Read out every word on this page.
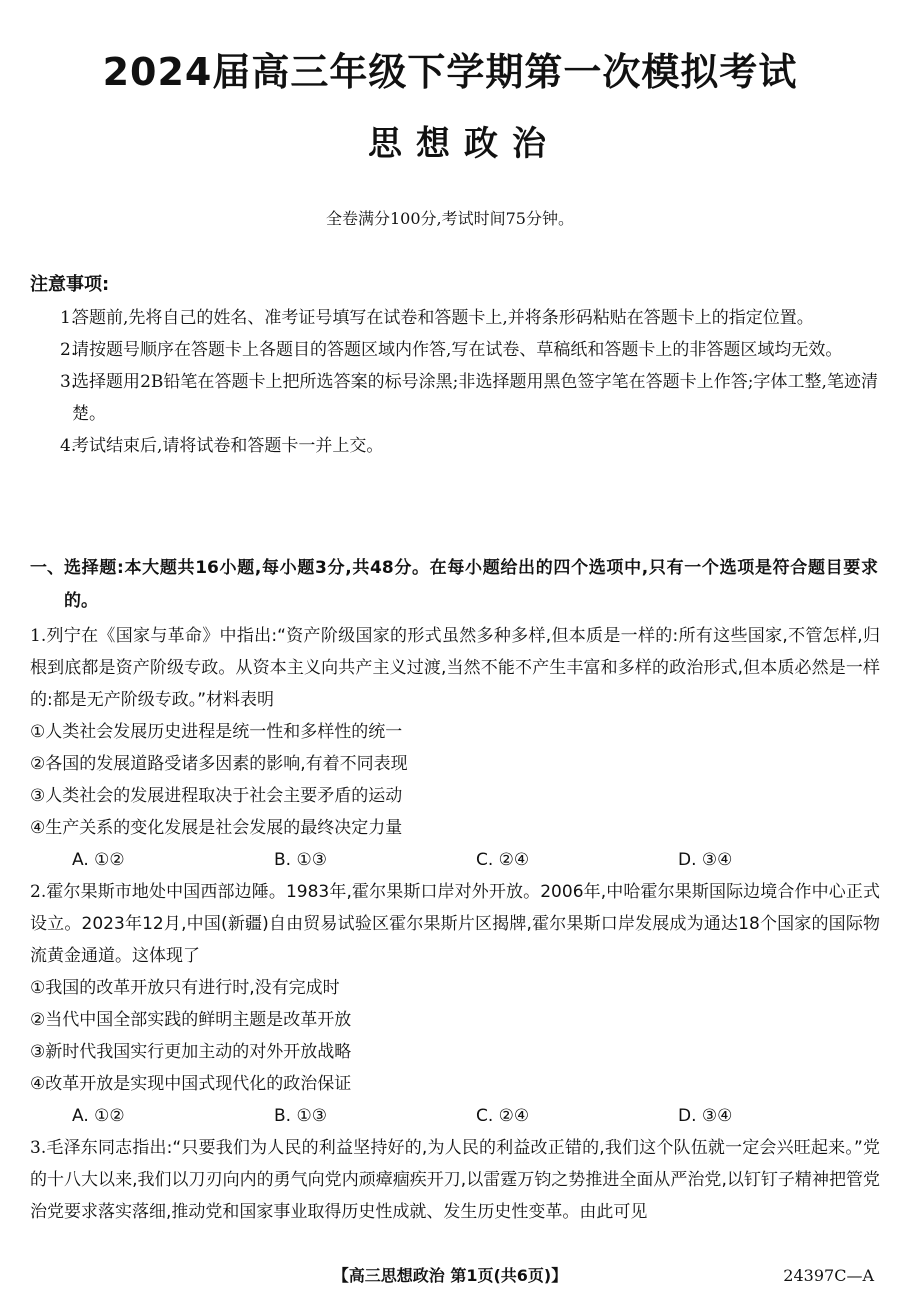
2024届高三年级下学期第一次模拟考试
思想政治
全卷满分100分,考试时间75分钟。
注意事项:
1.
答题前,先将自己的姓名、准考证号填写在试卷和答题卡上,并将条形码粘贴在答题卡上的指定位置。
2.
请按题号顺序在答题卡上各题目的答题区域内作答,写在试卷、草稿纸和答题卡上的非答题区域均无效。
3.
选择题用2B铅笔在答题卡上把所选答案的标号涂黑;非选择题用黑色签字笔在答题卡上作答;字体工整,笔迹清楚。
4.
考试结束后,请将试卷和答题卡一并上交。
一、 选择题:本大题共16小题,每小题3分,共48分。在每小题给出的四个选项中,只有一个选项是符合题目要求的。
1.列宁在《国家与革命》中指出:“资产阶级国家的形式虽然多种多样,但本质是一样的:所有这些国家,不管怎样,归根到底都是资产阶级专政。从资本主义向共产主义过渡,当然不能不产生丰富和多样的政治形式,但本质必然是一样的:都是无产阶级专政。”材料表明
①人类社会发展历史进程是统一性和多样性的统一
②各国的发展道路受诸多因素的影响,有着不同表现
③人类社会的发展进程取决于社会主要矛盾的运动
④生产关系的变化发展是社会发展的最终决定力量
A. ①②	B. ①③	C. ②④	D. ③④
2.霍尔果斯市地处中国西部边陲。1983年,霍尔果斯口岸对外开放。2006年,中哈霍尔果斯国际边境合作中心正式设立。2023年12月,中国(新疆)自由贸易试验区霍尔果斯片区揭牌,霍尔果斯口岸发展成为通达18个国家的国际物流黄金通道。这体现了
①我国的改革开放只有进行时,没有完成时
②当代中国全部实践的鲜明主题是改革开放
③新时代我国实行更加主动的对外开放战略
④改革开放是实现中国式现代化的政治保证
A. ①②	B. ①③	C. ②④	D. ③④
3.毛泽东同志指出:“只要我们为人民的利益坚持好的,为人民的利益改正错的,我们这个队伍就一定会兴旺起来。”党的十八大以来,我们以刀刃向内的勇气向党内顽瘴痼疾开刀,以雷霆万钧之势推进全面从严治党,以钉钉子精神把管党治党要求落实落细,推动党和国家事业取得历史性成就、发生历史性变革。由此可见
【高三思想政治 第1页(共6页)】	24397C—A
